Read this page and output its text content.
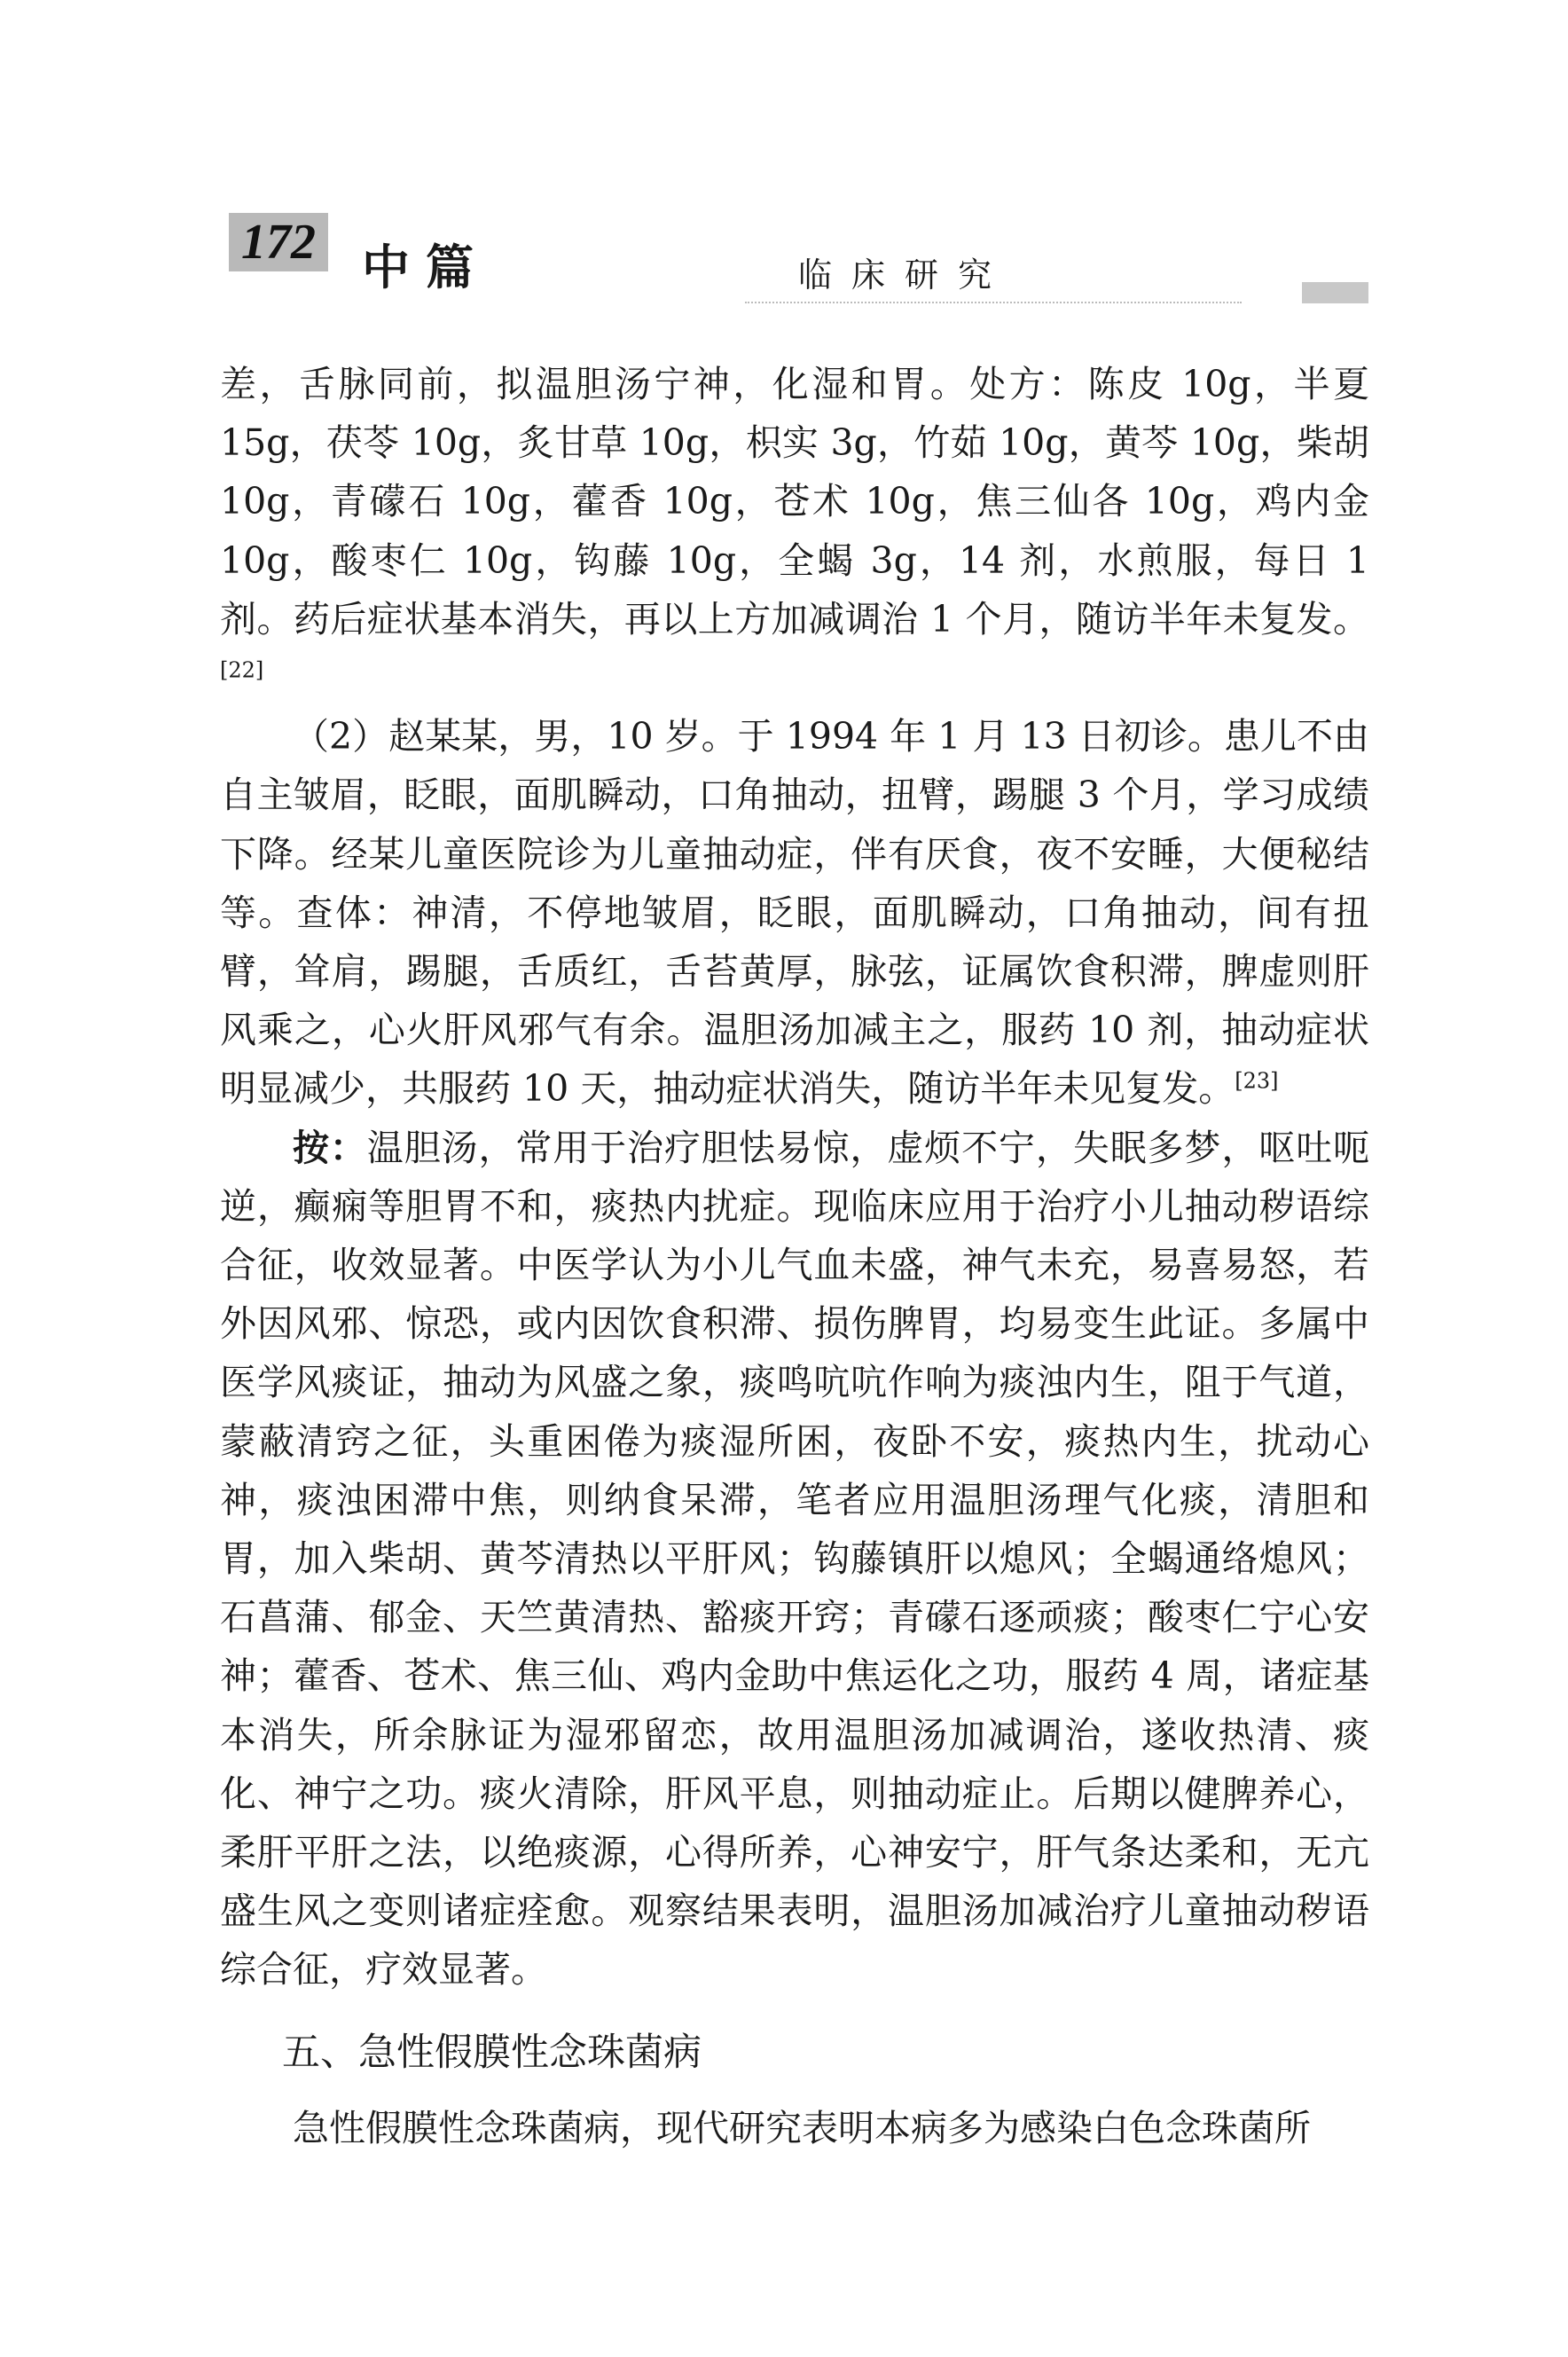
172 中篇	临床研究

差，舌脉同前，拟温胆汤宁神，化湿和胃。处方：陈皮 10g，半夏 15g，茯苓 10g，炙甘草 10g，枳实 3g，竹茹 10g，黄芩 10g，柴胡 10g，青礞石 10g，藿香 10g，苍术 10g，焦三仙各 10g，鸡内金 10g，酸枣仁 10g，钩藤 10g，全蝎 3g，14 剂，水煎服，每日 1 剂。药后症状基本消失，再以上方加减调治 1 个月，随访半年未复发。[22]

（2）赵某某，男，10 岁。于 1994 年 1 月 13 日初诊。患儿不由自主皱眉，眨眼，面肌瞬动，口角抽动，扭臂，踢腿 3 个月，学习成绩下降。经某儿童医院诊为儿童抽动症，伴有厌食，夜不安睡，大便秘结等。查体：神清，不停地皱眉，眨眼，面肌瞬动，口角抽动，间有扭臂，耸肩，踢腿，舌质红，舌苔黄厚，脉弦，证属饮食积滞，脾虚则肝风乘之，心火肝风邪气有余。温胆汤加减主之，服药 10 剂，抽动症状明显减少，共服药 10 天，抽动症状消失，随访半年未见复发。[23]

按：温胆汤，常用于治疗胆怯易惊，虚烦不宁，失眠多梦，呕吐呃逆，癫痫等胆胃不和，痰热内扰症。现临床应用于治疗小儿抽动秽语综合征，收效显著。中医学认为小儿气血未盛，神气未充，易喜易怒，若外因风邪、惊恐，或内因饮食积滞、损伤脾胃，均易变生此证。多属中医学风痰证，抽动为风盛之象，痰鸣吭吭作响为痰浊内生，阻于气道，蒙蔽清窍之征，头重困倦为痰湿所困，夜卧不安，痰热内生，扰动心神，痰浊困滞中焦，则纳食呆滞，笔者应用温胆汤理气化痰，清胆和胃，加入柴胡、黄芩清热以平肝风；钩藤镇肝以熄风；全蝎通络熄风；石菖蒲、郁金、天竺黄清热、豁痰开窍；青礞石逐顽痰；酸枣仁宁心安神；藿香、苍术、焦三仙、鸡内金助中焦运化之功，服药 4 周，诸症基本消失，所余脉证为湿邪留恋，故用温胆汤加减调治，遂收热清、痰化、神宁之功。痰火清除，肝风平息，则抽动症止。后期以健脾养心，柔肝平肝之法，以绝痰源，心得所养，心神安宁，肝气条达柔和，无亢盛生风之变则诸症痊愈。观察结果表明，温胆汤加减治疗儿童抽动秽语综合征，疗效显著。

五、急性假膜性念珠菌病

急性假膜性念珠菌病，现代研究表明本病多为感染白色念珠菌所
